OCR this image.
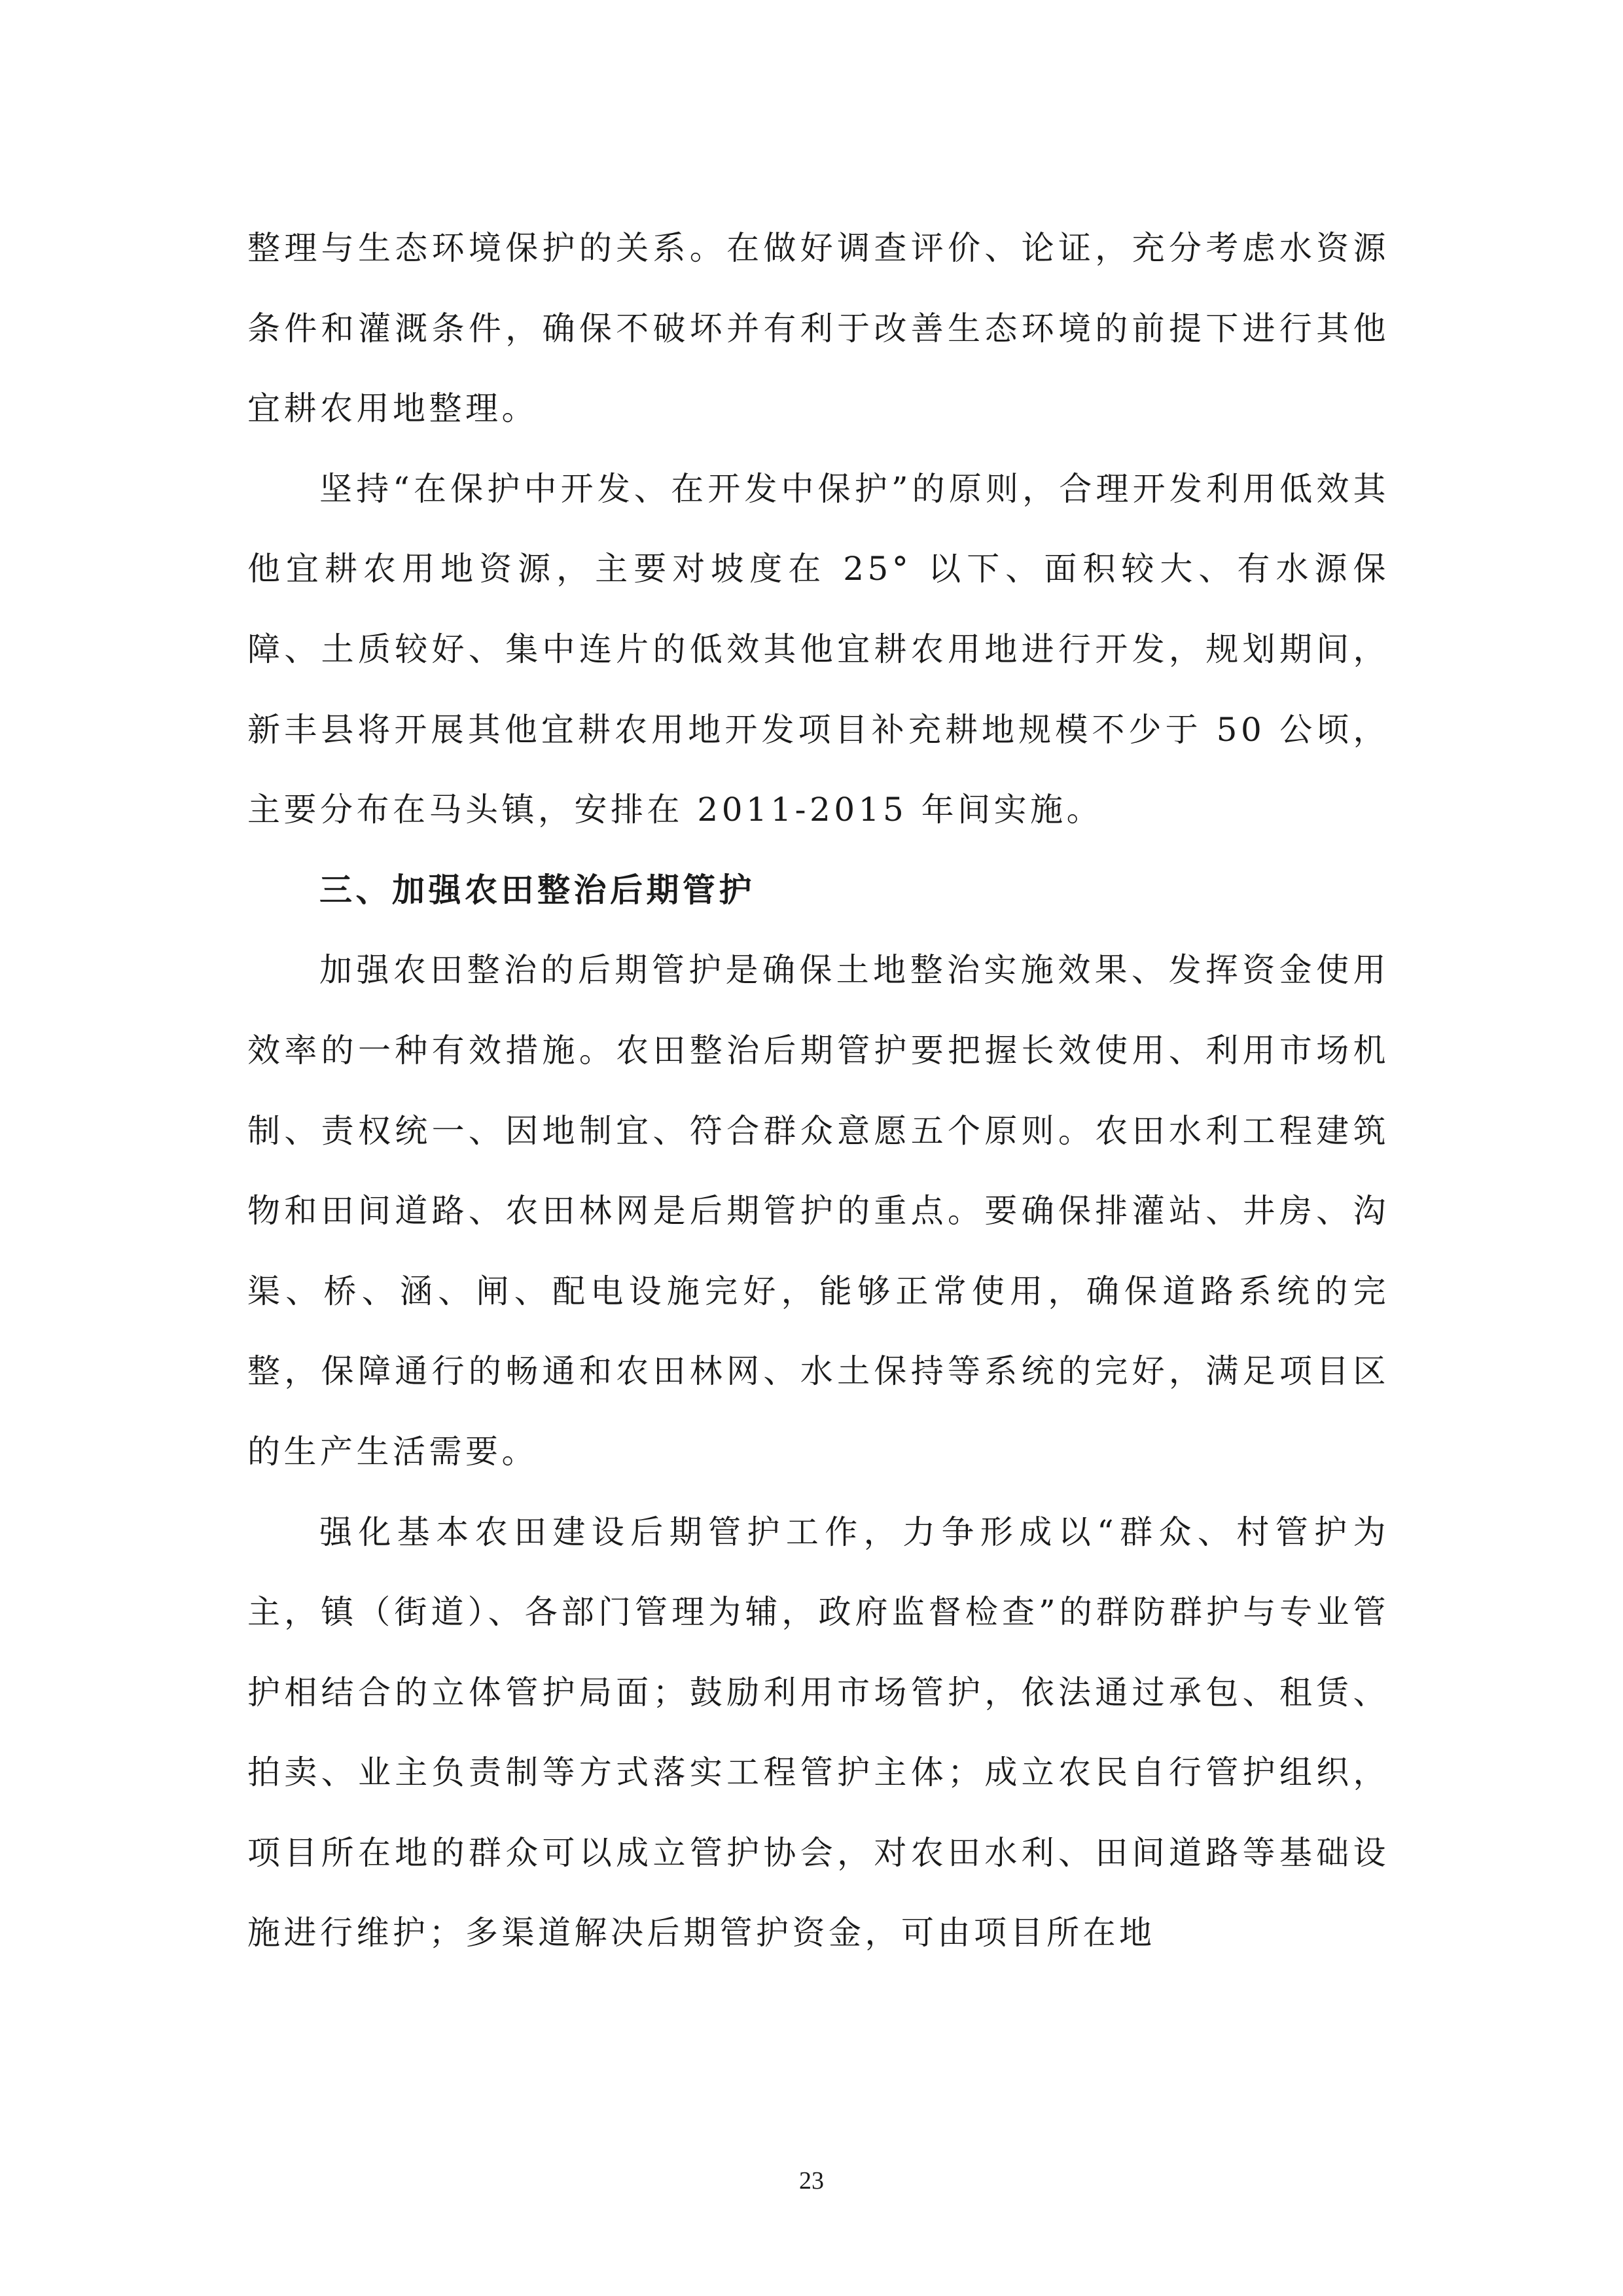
整理与生态环境保护的关系。在做好调查评价、论证，充分考虑水资源条件和灌溉条件，确保不破坏并有利于改善生态环境的前提下进行其他宜耕农用地整理。

坚持“在保护中开发、在开发中保护”的原则，合理开发利用低效其他宜耕农用地资源，主要对坡度在 25° 以下、面积较大、有水源保障、土质较好、集中连片的低效其他宜耕农用地进行开发，规划期间，新丰县将开展其他宜耕农用地开发项目补充耕地规模不少于 50 公顷，主要分布在马头镇，安排在 2011-2015 年间实施。

三、加强农田整治后期管护

加强农田整治的后期管护是确保土地整治实施效果、发挥资金使用效率的一种有效措施。农田整治后期管护要把握长效使用、利用市场机制、责权统一、因地制宜、符合群众意愿五个原则。农田水利工程建筑物和田间道路、农田林网是后期管护的重点。要确保排灌站、井房、沟渠、桥、涵、闸、配电设施完好，能够正常使用，确保道路系统的完整，保障通行的畅通和农田林网、水土保持等系统的完好，满足项目区的生产生活需要。

强化基本农田建设后期管护工作，力争形成以“群众、村管护为主，镇（街道）、各部门管理为辅，政府监督检查”的群防群护与专业管护相结合的立体管护局面；鼓励利用市场管护，依法通过承包、租赁、拍卖、业主负责制等方式落实工程管护主体；成立农民自行管护组织，项目所在地的群众可以成立管护协会，对农田水利、田间道路等基础设施进行维护；多渠道解决后期管护资金，可由项目所在地

23
